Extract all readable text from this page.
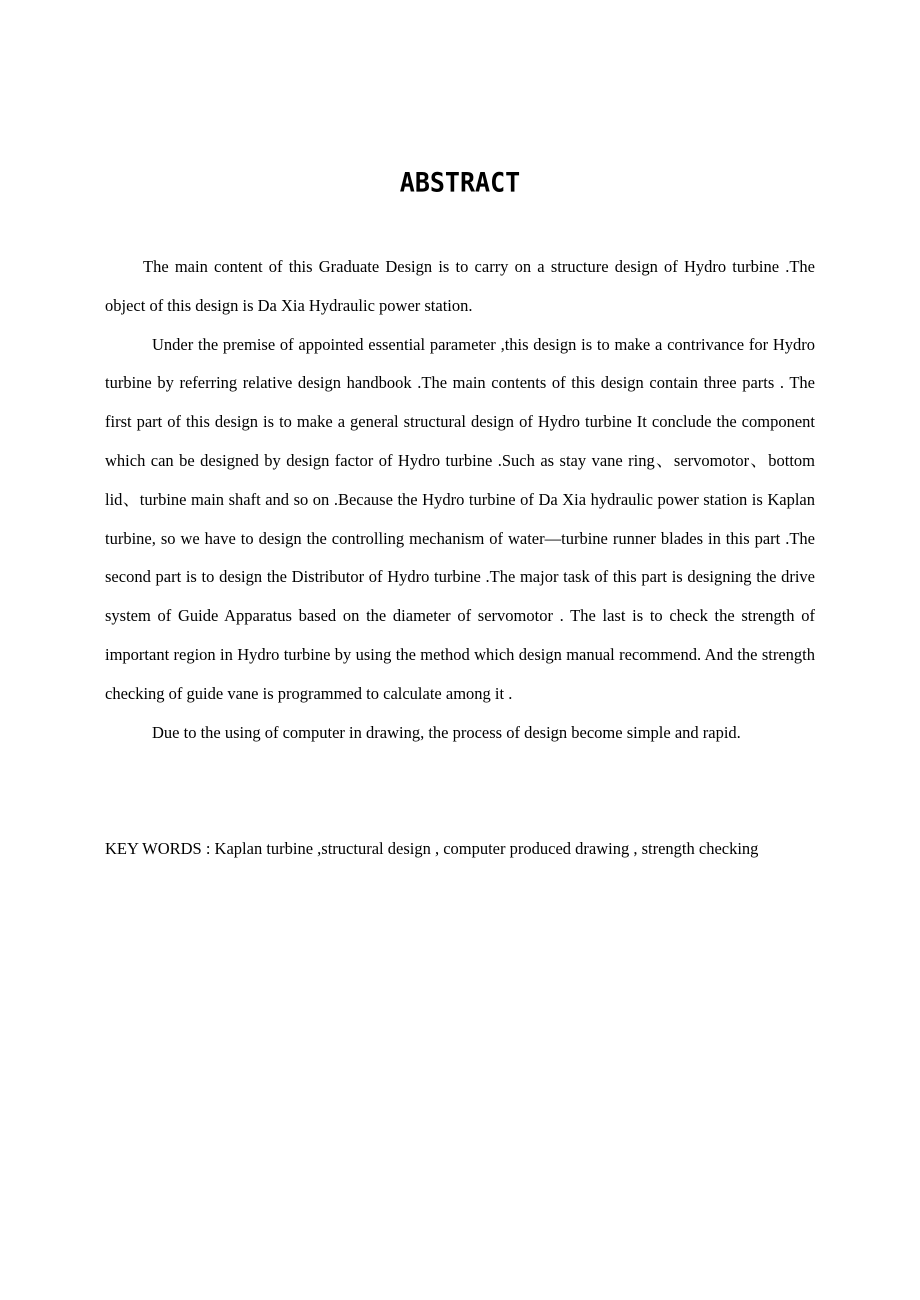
ABSTRACT

The main content of this Graduate Design is to carry on a structure design of Hydro turbine .The object of this design is Da Xia Hydraulic power station.

Under the premise of appointed essential parameter ,this design is to make a contrivance for Hydro turbine by referring relative design handbook .The main contents of this design contain three parts . The first part of this design is to make a general structural design of Hydro turbine It conclude the component which can be designed by design factor of Hydro turbine .Such as stay vane ring、servomotor、bottom lid、turbine main shaft and so on .Because the Hydro turbine of Da Xia hydraulic power station is Kaplan turbine, so we have to design the controlling mechanism of water—turbine runner blades in this part .The second part is to design the Distributor of Hydro turbine .The major task of this part is designing the drive system of Guide Apparatus based on the diameter of servomotor . The last is to check the strength of important region in Hydro turbine by using the method which design manual recommend. And the strength checking of guide vane is programmed to calculate among it .

Due to the using of computer in drawing, the process of design become simple and rapid.

KEY WORDS : Kaplan turbine ,structural design , computer produced drawing , strength checking
